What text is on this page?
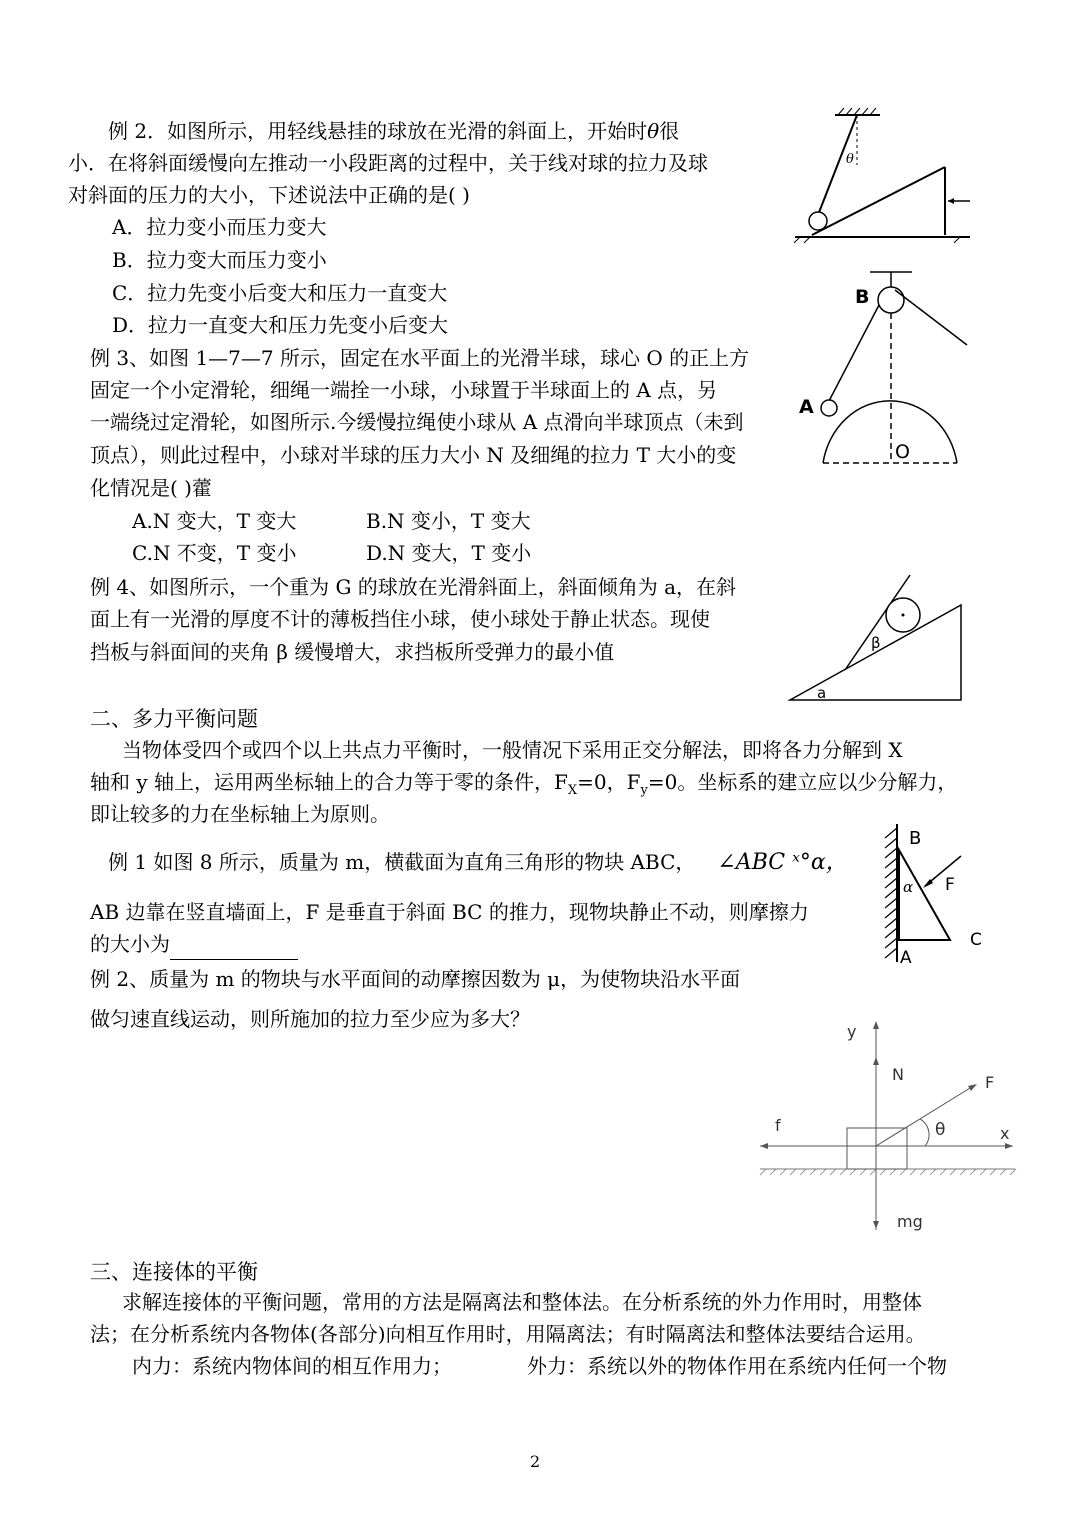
例 2．如图所示，用轻线悬挂的球放在光滑的斜面上，开始时θ很
小．在将斜面缓慢向左推动一小段距离的过程中，关于线对球的拉力及球
对斜面的压力的大小，下述说法中正确的是( )
A．拉力变小而压力变大
B．拉力变大而压力变小
C．拉力先变小后变大和压力一直变大
D．拉力一直变大和压力先变小后变大
θ
例 3、如图 1—7—7 所示，固定在水平面上的光滑半球，球心 O 的正上方
固定一个小定滑轮，细绳一端拴一小球，小球置于半球面上的 A 点，另
一端绕过定滑轮，如图所示.今缓慢拉绳使小球从 A 点滑向半球顶点（未到
顶点），则此过程中，小球对半球的压力大小 N 及细绳的拉力 T 大小的变
化情况是( )藿
A.N 变大，T 变大	B.N 变小，T 变大
C.N 不变，T 变小	D.N 变大，T 变小
B
A
O
例 4、如图所示，一个重为 G 的球放在光滑斜面上，斜面倾角为 a，在斜
面上有一光滑的厚度不计的薄板挡住小球，使小球处于静止状态。现使
挡板与斜面间的夹角 β 缓慢增大，求挡板所受弹力的最小值	β
a
二、多力平衡问题
当物体受四个或四个以上共点力平衡时，一般情况下采用正交分解法，即将各力分解到 X
轴和 y 轴上，运用两坐标轴上的合力等于零的条件，$F_X=0$，$F_y=0$。坐标系的建立应以少分解力，
即让较多的力在坐标轴上为原则。
例 1 如图 8 所示，质量为 m，横截面为直角三角形的物块 ABC， ∠ABC ˣ°α，
AB 边靠在竖直墙面上，F 是垂直于斜面 BC 的推力，现物块静止不动，则摩擦力
的大小为
B
α F
C
A
例 2、质量为 m 的物块与水平面间的动摩擦因数为 μ，为使物块沿水平面
做匀速直线运动，则所施加的拉力至少应为多大？
y
N
x
f	θ
F
mg
三、连接体的平衡
求解连接体的平衡问题，常用的方法是隔离法和整体法。在分析系统的外力作用时，用整体
法；在分析系统内各物体(各部分)向相互作用时，用隔离法；有时隔离法和整体法要结合运用。
内力：系统内物体间的相互作用力；	外力：系统以外的物体作用在系统内任何一个物
2
